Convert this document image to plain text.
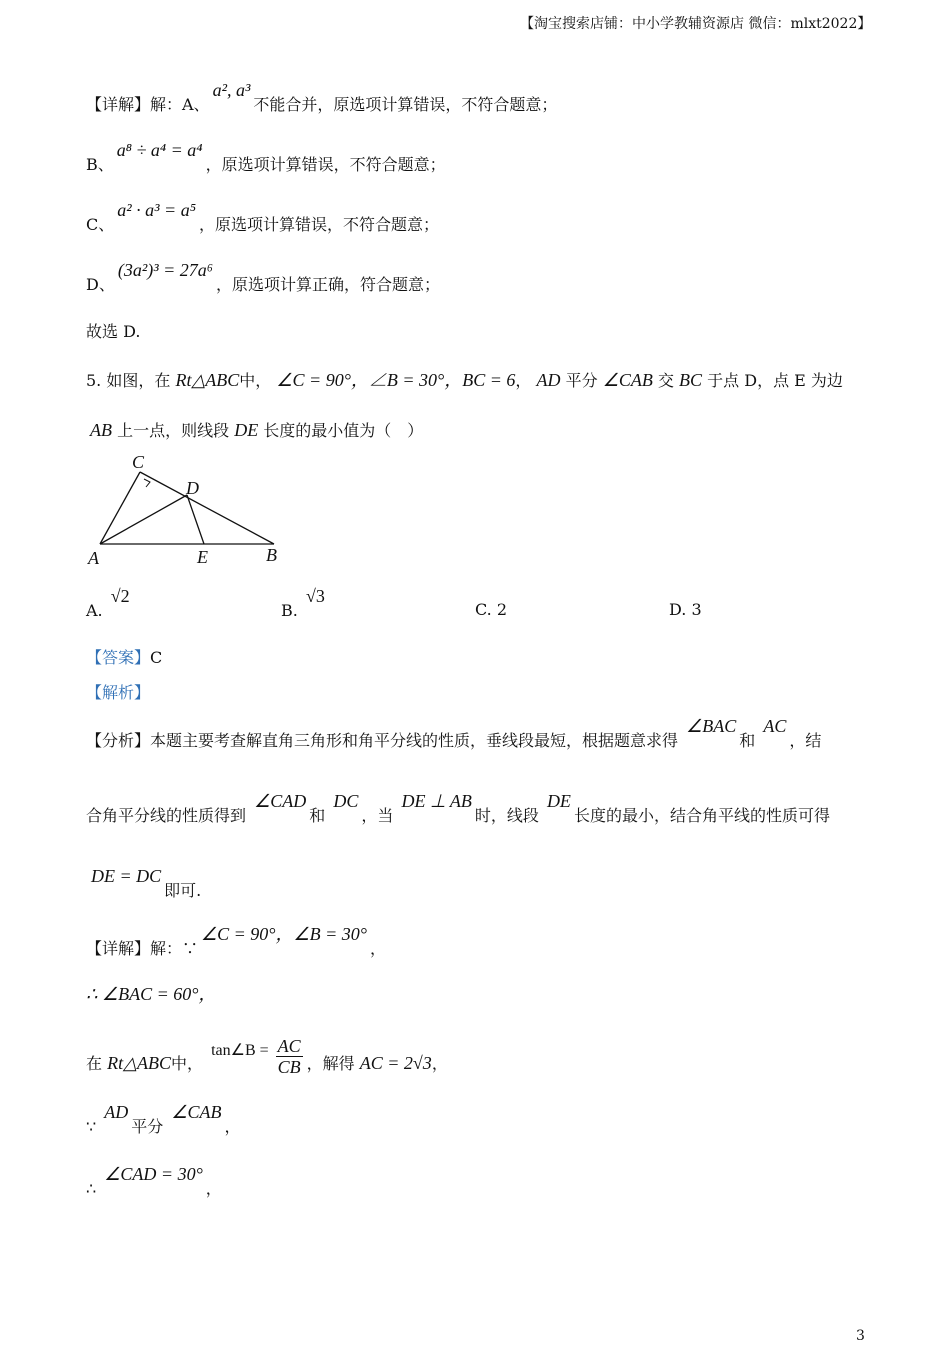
【淘宝搜索店铺：中小学教辅资源店 微信：mlxt2022】
【详解】解：A、a², a³不能合并，原选项计算错误，不符合题意；
B、a⁸ ÷ a⁴ = a⁴，原选项计算错误，不符合题意；
C、a² · a³ = a⁵，原选项计算错误，不符合题意；
D、(3a²)³ = 27a⁶，原选项计算正确，符合题意；
故选 D.
5. 如图，在 Rt△ABC中， ∠C = 90°，∠B = 30°，BC = 6， AD 平分 ∠CAB 交 BC 于点 D，点 E 为边
AB 上一点，则线段 DE 长度的最小值为（　）
C
D
A	E	B
A. √2
B. √3
C. 2	D. 3
【答案】C
【解析】
【分析】本题主要考查解直角三角形和角平分线的性质，垂线段最短，根据题意求得 ∠BAC和 AC，结
合角平分线的性质得到 ∠CAD和 DC，当 DE ⊥ AB时，线段 DE长度的最小，结合角平线的性质可得
DE = DC即可.
【详解】解：∵∠C = 90°，∠B = 30°，
∴ ∠BAC = 60°，
在 Rt△ABC中， tan∠B = $\frac{AC}{CB}$ ，解得 AC = 2√3，
∵ AD平分 ∠CAB，
∴ ∠CAD = 30°，
3
